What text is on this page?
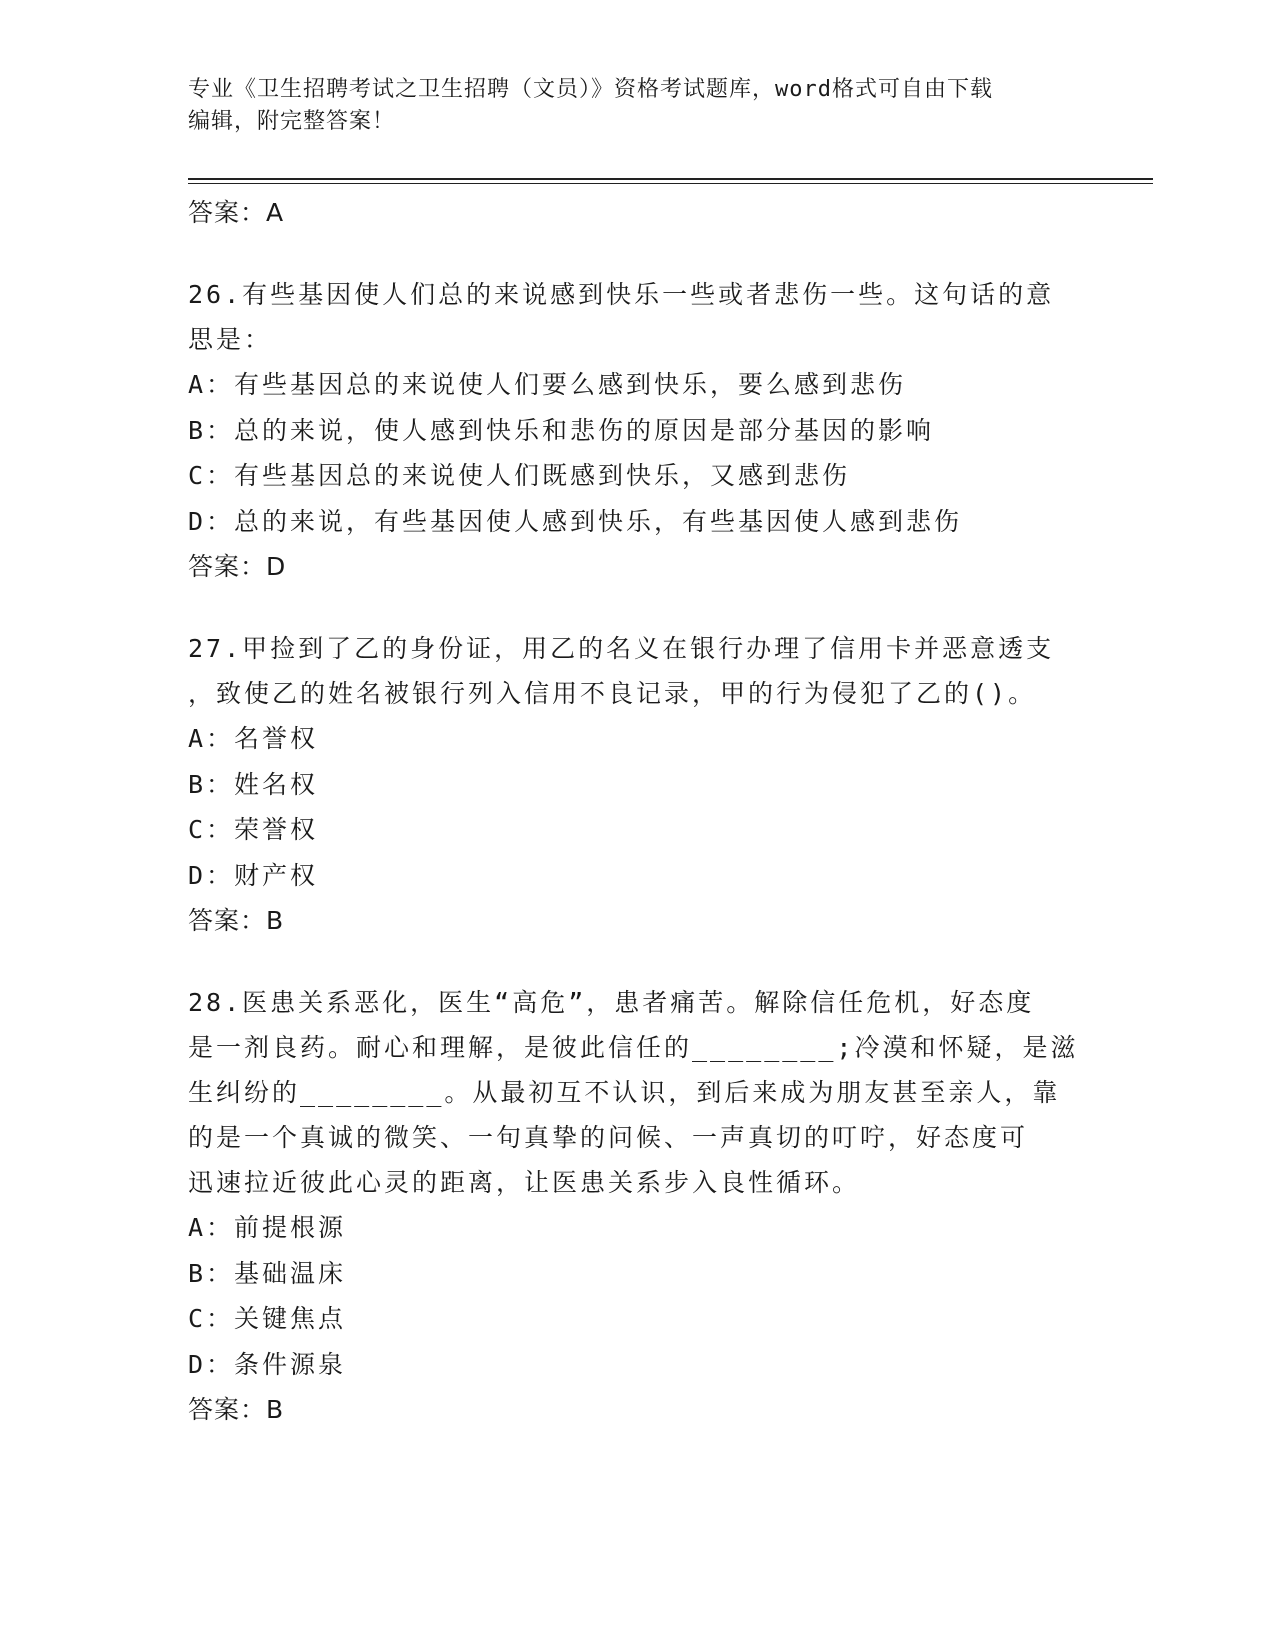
专业《卫生招聘考试之卫生招聘（文员）》资格考试题库，word格式可自由下载

编辑，附完整答案！

答案：A

26.有些基因使人们总的来说感到快乐一些或者悲伤一些。这句话的意

思是：

A：有些基因总的来说使人们要么感到快乐，要么感到悲伤

B：总的来说，使人感到快乐和悲伤的原因是部分基因的影响

C：有些基因总的来说使人们既感到快乐，又感到悲伤

D：总的来说，有些基因使人感到快乐，有些基因使人感到悲伤

答案：D

27.甲捡到了乙的身份证，用乙的名义在银行办理了信用卡并恶意透支

，致使乙的姓名被银行列入信用不良记录，甲的行为侵犯了乙的()。

A：名誉权

B：姓名权

C：荣誉权

D：财产权

答案：B

28.医患关系恶化，医生“高危”，患者痛苦。解除信任危机，好态度

是一剂良药。耐心和理解，是彼此信任的________;冷漠和怀疑，是滋

生纠纷的________。从最初互不认识，到后来成为朋友甚至亲人，靠

的是一个真诚的微笑、一句真挚的问候、一声真切的叮咛，好态度可

迅速拉近彼此心灵的距离，让医患关系步入良性循环。

A：前提根源

B：基础温床

C：关键焦点

D：条件源泉

答案：B
